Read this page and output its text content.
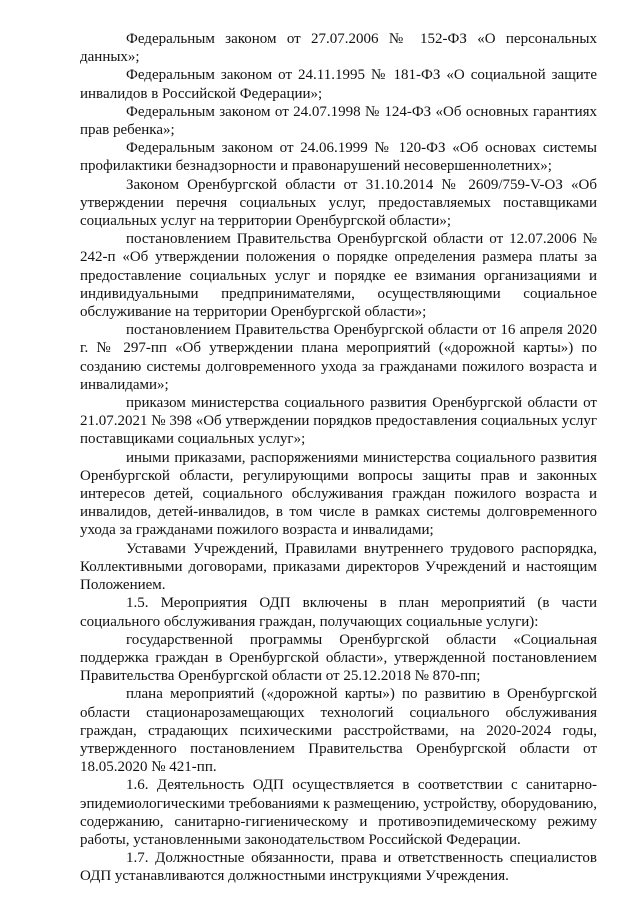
Федеральным законом от 27.07.2006 № 152-ФЗ «О персональных данных»;

Федеральным законом от 24.11.1995 № 181-ФЗ «О социальной защите инвалидов в Российской Федерации»;

Федеральным законом от 24.07.1998 № 124-ФЗ «Об основных гарантиях прав ребенка»;

Федеральным законом от 24.06.1999 № 120-ФЗ «Об основах системы профилактики безнадзорности и правонарушений несовершеннолетних»;

Законом Оренбургской области от 31.10.2014 № 2609/759-V-ОЗ «Об утверждении перечня социальных услуг, предоставляемых поставщиками социальных услуг на территории Оренбургской области»;

постановлением Правительства Оренбургской области от 12.07.2006 № 242-п «Об утверждении положения о порядке определения размера платы за предоставление социальных услуг и порядке ее взимания организациями и индивидуальными предпринимателями, осуществляющими социальное обслуживание на территории Оренбургской области»;

постановлением Правительства Оренбургской области от 16 апреля 2020 г. № 297-пп «Об утверждении плана мероприятий («дорожной карты») по созданию системы долговременного ухода за гражданами пожилого возраста и инвалидами»;

приказом министерства социального развития Оренбургской области от 21.07.2021 № 398 «Об утверждении порядков предоставления социальных услуг поставщиками социальных услуг»;

иными приказами, распоряжениями министерства социального развития Оренбургской области, регулирующими вопросы защиты прав и законных интересов детей, социального обслуживания граждан пожилого возраста и инвалидов, детей-инвалидов, в том числе в рамках системы долговременного ухода за гражданами пожилого возраста и инвалидами;

Уставами Учреждений, Правилами внутреннего трудового распорядка, Коллективными договорами, приказами директоров Учреждений и настоящим Положением.

1.5. Мероприятия ОДП включены в план мероприятий (в части социального обслуживания граждан, получающих социальные услуги):

государственной программы Оренбургской области «Социальная поддержка граждан в Оренбургской области», утвержденной постановлением Правительства Оренбургской области от 25.12.2018 № 870-пп;

плана мероприятий («дорожной карты») по развитию в Оренбургской области стационарозамещающих технологий социального обслуживания граждан, страдающих психическими расстройствами, на 2020-2024 годы, утвержденного постановлением Правительства Оренбургской области от 18.05.2020 № 421-пп.

1.6. Деятельность ОДП осуществляется в соответствии с санитарно-эпидемиологическими требованиями к размещению, устройству, оборудованию, содержанию, санитарно-гигиеническому и противоэпидемическому режиму работы, установленными законодательством Российской Федерации.

1.7. Должностные обязанности, права и ответственность специалистов ОДП устанавливаются должностными инструкциями Учреждения.
